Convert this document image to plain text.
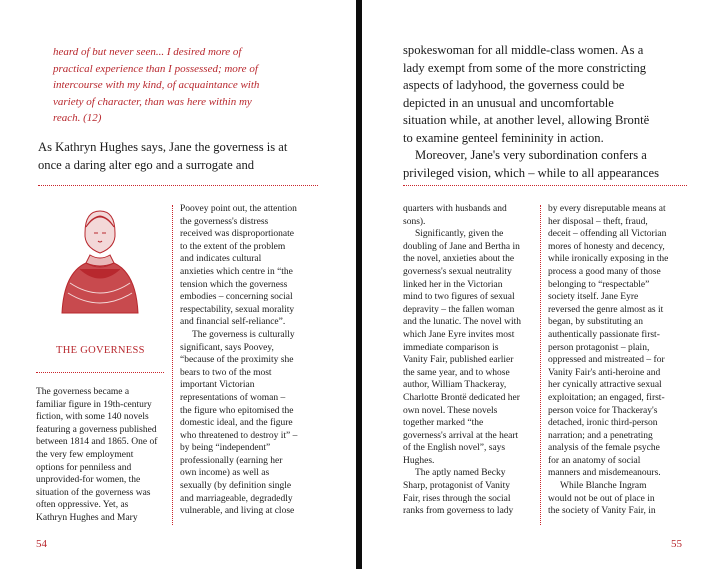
heard of but never seen... I desired more of
practical experience than I possessed; more of
intercourse with my kind, of acquaintance with
variety of character, than was here within my
reach. (12)
As Kathryn Hughes says, Jane the governess is at
once a daring alter ego and a surrogate and
THE GOVERNESS
The governess became a
familiar figure in 19th-century
fiction, with some 140 novels
featuring a governess published
between 1814 and 1865. One of
the very few employment
options for penniless and
unprovided-for women, the
situation of the governess was
often oppressive. Yet, as
Kathryn Hughes and Mary
Poovey point out, the attention
the governess's distress
received was disproportionate
to the extent of the problem
and indicates cultural
anxieties which centre in “the
tension which the governess
embodies – concerning social
respectability, sexual morality
and financial self-reliance”.
The governess is culturally
significant, says Poovey,
“because of the proximity she
bears to two of the most
important Victorian
representations of woman –
the figure who epitomised the
domestic ideal, and the figure
who threatened to destroy it” –
by being “independent”
professionally (earning her
own income) as well as
sexually (by definition single
and marriageable, degradedly
vulnerable, and living at close
54
spokeswoman for all middle-class women. As a
lady exempt from some of the more constricting
aspects of ladyhood, the governess could be
depicted in an unusual and uncomfortable
situation while, at another level, allowing Brontë
to examine genteel femininity in action.
Moreover, Jane's very subordination confers a
privileged vision, which – while to all appearances
quarters with husbands and
sons).
Significantly, given the
doubling of Jane and Bertha in
the novel, anxieties about the
governess's sexual neutrality
linked her in the Victorian
mind to two figures of sexual
depravity – the fallen woman
and the lunatic. The novel with
which Jane Eyre invites most
immediate comparison is
Vanity Fair, published earlier
the same year, and to whose
author, William Thackeray,
Charlotte Brontë dedicated her
own novel. These novels
together marked “the
governess's arrival at the heart
of the English novel”, says
Hughes.
The aptly named Becky
Sharp, protagonist of Vanity
Fair, rises through the social
ranks from governess to lady
by every disreputable means at
her disposal – theft, fraud,
deceit – offending all Victorian
mores of honesty and decency,
while ironically exposing in the
process a good many of those
belonging to “respectable”
society itself. Jane Eyre
reversed the genre almost as it
began, by substituting an
authentically passionate first-
person protagonist – plain,
oppressed and mistreated – for
Vanity Fair's anti-heroine and
her cynically attractive sexual
exploitation; an engaged, first-
person voice for Thackeray's
detached, ironic third-person
narration; and a penetrating
analysis of the female psyche
for an anatomy of social
manners and misdemeanours.
While Blanche Ingram
would not be out of place in
the society of Vanity Fair, in
55
